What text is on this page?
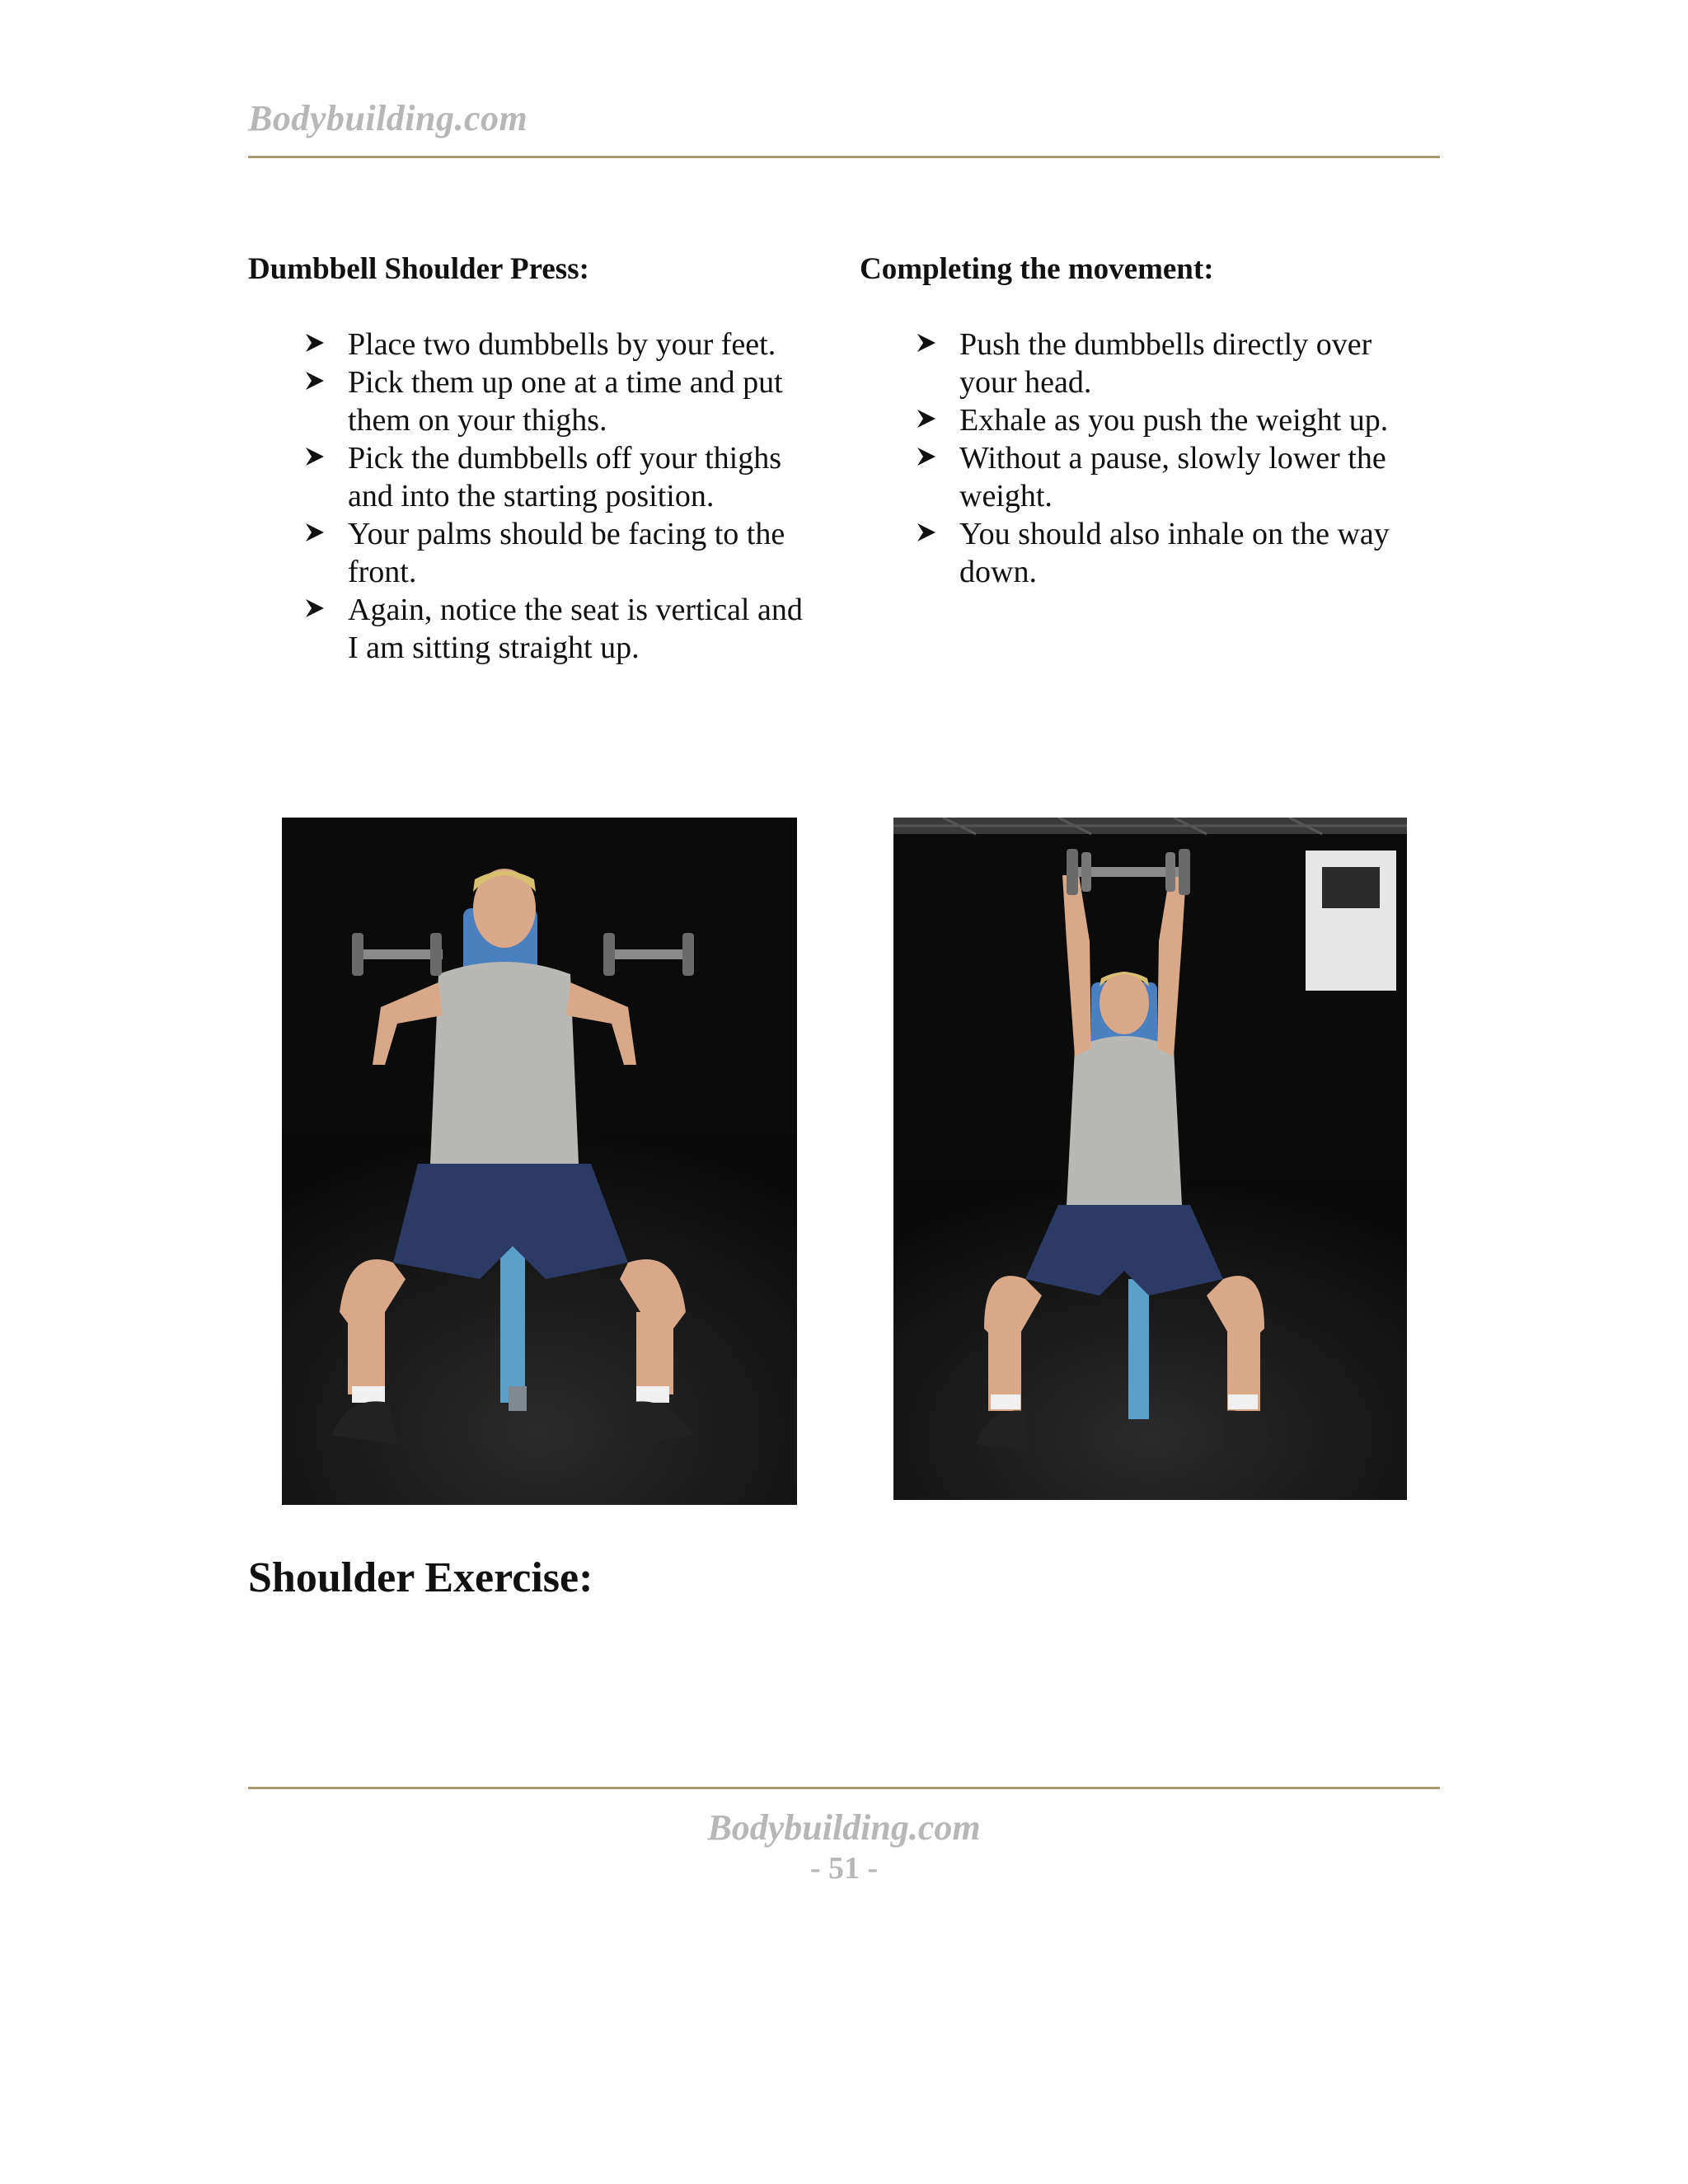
Bodybuilding.com
Dumbbell Shoulder Press:
Place two dumbbells by your feet.
Pick them up one at a time and put
them on your thighs.
Pick the dumbbells off your thighs
and into the starting position.
Your palms should be facing to the
front.
Again, notice the seat is vertical and
I am sitting straight up.
Completing the movement:
Push the dumbbells directly over
your head.
Exhale as you push the weight up.
Without a pause, slowly lower the
weight.
You should also inhale on the way
down.
Shoulder Exercise:
Bodybuilding.com
- 51 -
